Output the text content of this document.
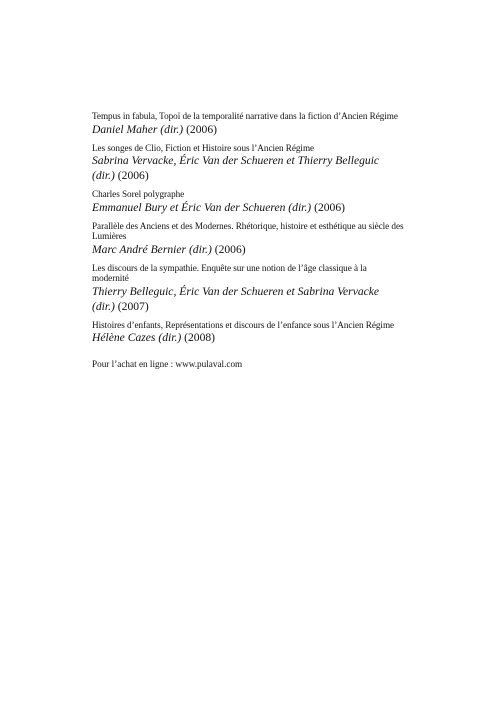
Tempus in fabula, Topoï de la temporalité narrative dans la fiction d’Ancien Régime

Daniel Maher (dir.) (2006)

Les songes de Clio, Fiction et Histoire sous l’Ancien Régime

Sabrina Vervacke, Éric Van der Schueren et Thierry Belleguic (dir.) (2006)

Charles Sorel polygraphe

Emmanuel Bury et Éric Van der Schueren (dir.) (2006)

Parallèle des Anciens et des Modernes. Rhétorique, histoire et esthétique au siècle des Lumières

Marc André Bernier (dir.) (2006)

Les discours de la sympathie. Enquête sur une notion de l’âge classique à la modernité

Thierry Belleguic, Éric Van der Schueren et Sabrina Vervacke (dir.) (2007)

Histoires d’enfants, Représentations et discours de l’enfance sous l’Ancien Régime

Hélène Cazes (dir.) (2008)

Pour l’achat en ligne : www.pulaval.com
